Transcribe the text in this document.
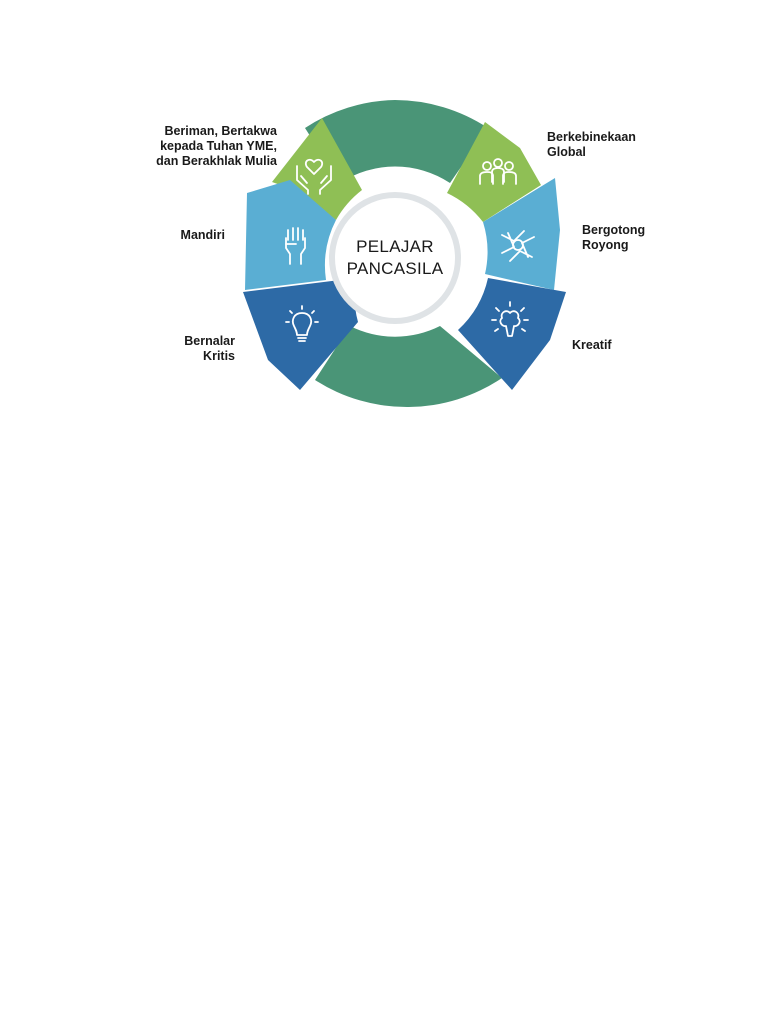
PELAJAR
PANCASILA
Beriman, Bertakwa
kepada Tuhan YME,
dan Berakhlak Mulia
Mandiri
Bernalar
Kritis
Berkebinekaan
Global
Bergotong
Royong
Kreatif
